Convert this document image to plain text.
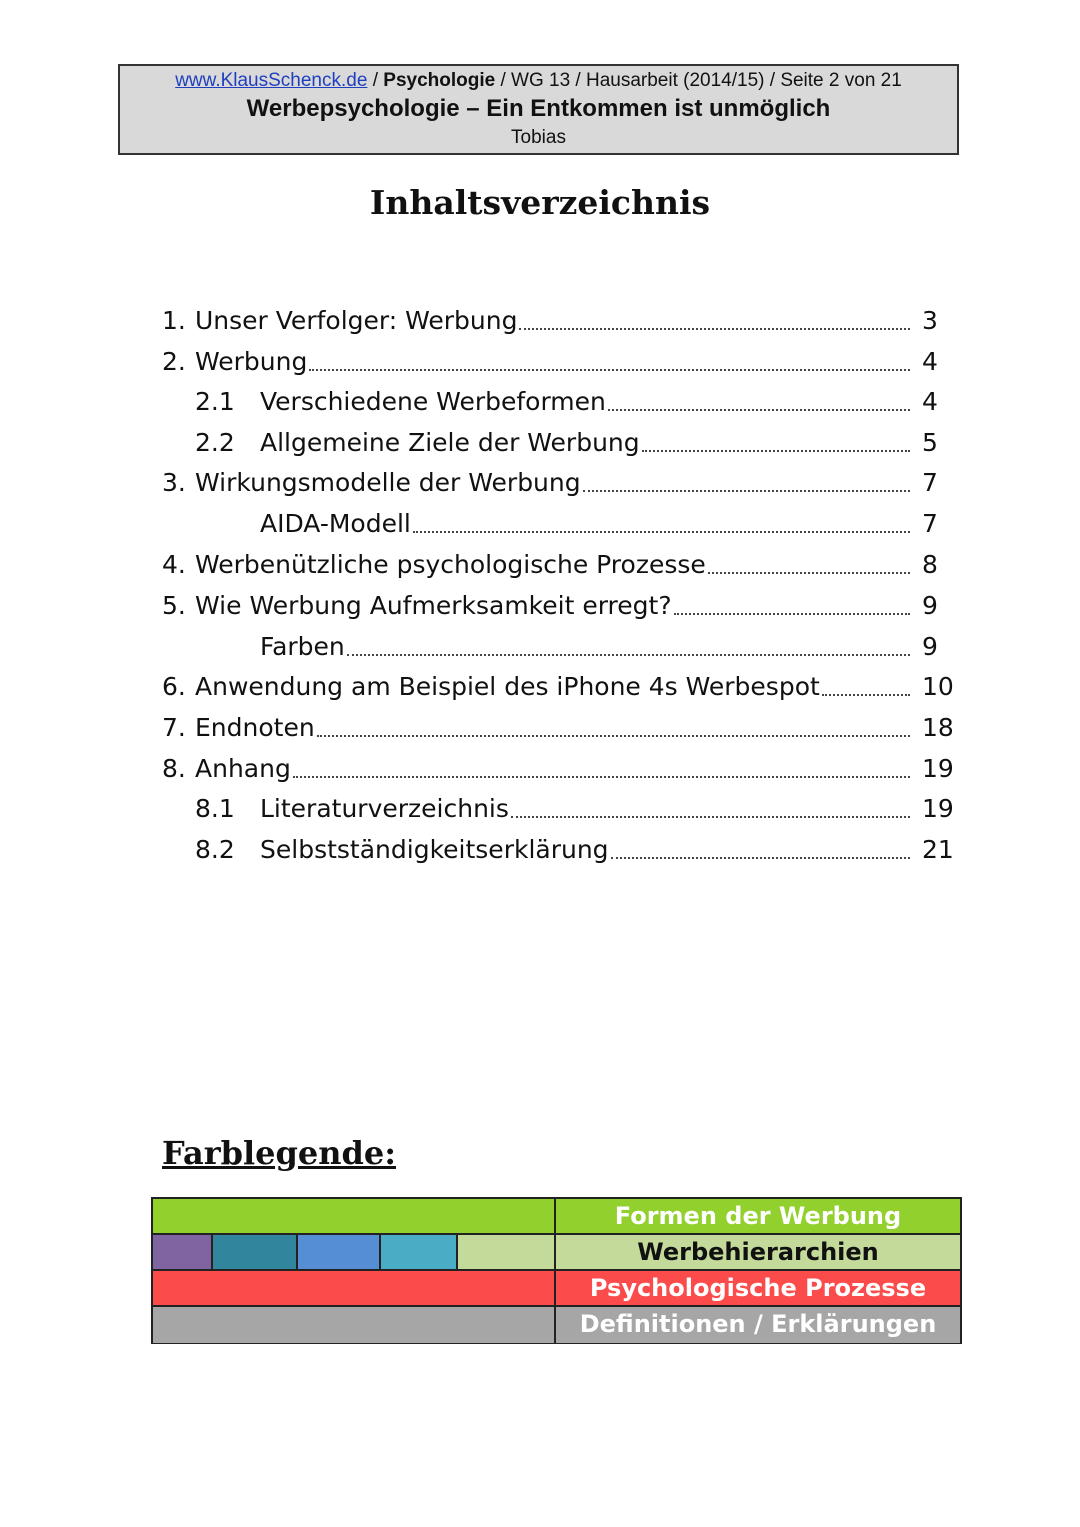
www.KlausSchenck.de / Psychologie / WG 13 / Hausarbeit (2014/15) / Seite 2 von 21
Werbepsychologie – Ein Entkommen ist unmöglich
Tobias
Inhaltsverzeichnis
1. Unser Verfolger: Werbung	3
2. Werbung	4
2.1 Verschiedene Werbeformen	4
2.2 Allgemeine Ziele der Werbung	5
3. Wirkungsmodelle der Werbung	7
AIDA-Modell	7
4. Werbenützliche psychologische Prozesse	8
5. Wie Werbung Aufmerksamkeit erregt?	9
Farben	9
6. Anwendung am Beispiel des iPhone 4s Werbespot	10
7. Endnoten	18
8. Anhang	19
8.1 Literaturverzeichnis	19
8.2 Selbstständigkeitserklärung	21
Farblegende:
Formen der Werbung
Werbehierarchien
Psychologische Prozesse
Definitionen / Erklärungen
